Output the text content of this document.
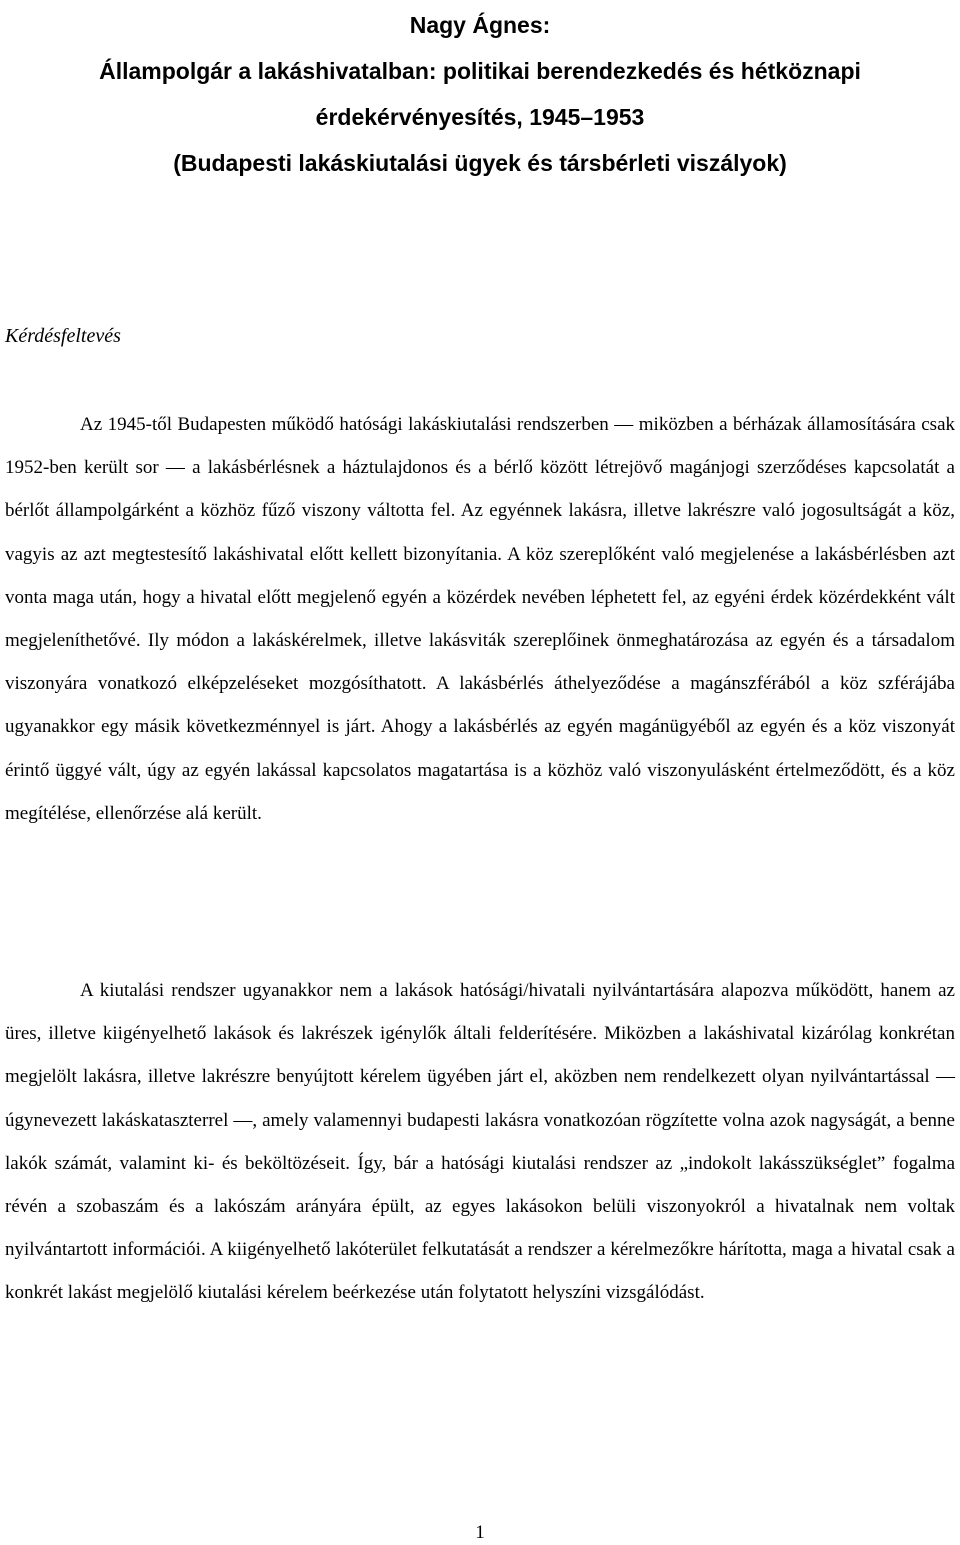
Nagy Ágnes:
Állampolgár a lakáshivatalban: politikai berendezkedés és hétköznapi
érdekérvényesítés, 1945–1953
(Budapesti lakáskiutalási ügyek és társbérleti viszályok)
Kérdésfeltevés

Az 1945-től Budapesten működő hatósági lakáskiutalási rendszerben ― miközben a bérházak államosítására csak 1952-ben került sor ― a lakásbérlésnek a háztulajdonos és a bérlő között létrejövő magánjogi szerződéses kapcsolatát a bérlőt állampolgárként a közhöz fűző viszony váltotta fel. Az egyénnek lakásra, illetve lakrészre való jogosultságát a köz, vagyis az azt megtestesítő lakáshivatal előtt kellett bizonyítania. A köz szereplőként való megjelenése a lakásbérlésben azt vonta maga után, hogy a hivatal előtt megjelenő egyén a közérdek nevében léphetett fel, az egyéni érdek közérdekként vált megjeleníthetővé. Ily módon a lakáskérelmek, illetve lakásviták szereplőinek önmeghatározása az egyén és a társadalom viszonyára vonatkozó elképzeléseket mozgósíthatott. A lakásbérlés áthelyeződése a magánszférából a köz szférájába ugyanakkor egy másik következménnyel is járt. Ahogy a lakásbérlés az egyén magánügyéből az egyén és a köz viszonyát érintő üggyé vált, úgy az egyén lakással kapcsolatos magatartása is a közhöz való viszonyulásként értelmeződött, és a köz megítélése, ellenőrzése alá került.

A kiutalási rendszer ugyanakkor nem a lakások hatósági/hivatali nyilvántartására alapozva működött, hanem az üres, illetve kiigényelhető lakások és lakrészek igénylők általi felderítésére. Miközben a lakáshivatal kizárólag konkrétan megjelölt lakásra, illetve lakrészre benyújtott kérelem ügyében járt el, aközben nem rendelkezett olyan nyilvántartással ― úgynevezett lakáskataszterrel ―, amely valamennyi budapesti lakásra vonatkozóan rögzítette volna azok nagyságát, a benne lakók számát, valamint ki- és beköltözéseit. Így, bár a hatósági kiutalási rendszer az „indokolt lakásszükséglet” fogalma révén a szobaszám és a lakószám arányára épült, az egyes lakásokon belüli viszonyokról a hivatalnak nem voltak nyilvántartott információi. A kiigényelhető lakóterület felkutatását a rendszer a kérelmezőkre hárította, maga a hivatal csak a konkrét lakást megjelölő kiutalási kérelem beérkezése után folytatott helyszíni vizsgálódást.

1
